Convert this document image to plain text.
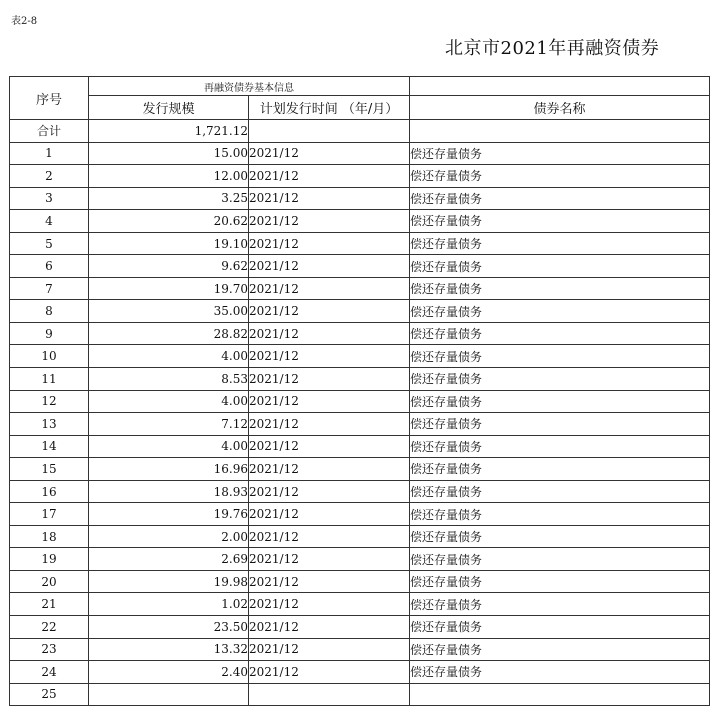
表2-8
北京市2021年再融资债券
序号	再融资债券基本信息		
	发行规模	计划发行时间 （年/月）	债券名称
合计	1,721.12		
1	15.00	2021/12	偿还存量债务
2	12.00	2021/12	偿还存量债务
3	3.25	2021/12	偿还存量债务
4	20.62	2021/12	偿还存量债务
5	19.10	2021/12	偿还存量债务
6	9.62	2021/12	偿还存量债务
7	19.70	2021/12	偿还存量债务
8	35.00	2021/12	偿还存量债务
9	28.82	2021/12	偿还存量债务
10	4.00	2021/12	偿还存量债务
11	8.53	2021/12	偿还存量债务
12	4.00	2021/12	偿还存量债务
13	7.12	2021/12	偿还存量债务
14	4.00	2021/12	偿还存量债务
15	16.96	2021/12	偿还存量债务
16	18.93	2021/12	偿还存量债务
17	19.76	2021/12	偿还存量债务
18	2.00	2021/12	偿还存量债务
19	2.69	2021/12	偿还存量债务
20	19.98	2021/12	偿还存量债务
21	1.02	2021/12	偿还存量债务
22	23.50	2021/12	偿还存量债务
23	13.32	2021/12	偿还存量债务
24	2.40	2021/12	偿还存量债务
25			
